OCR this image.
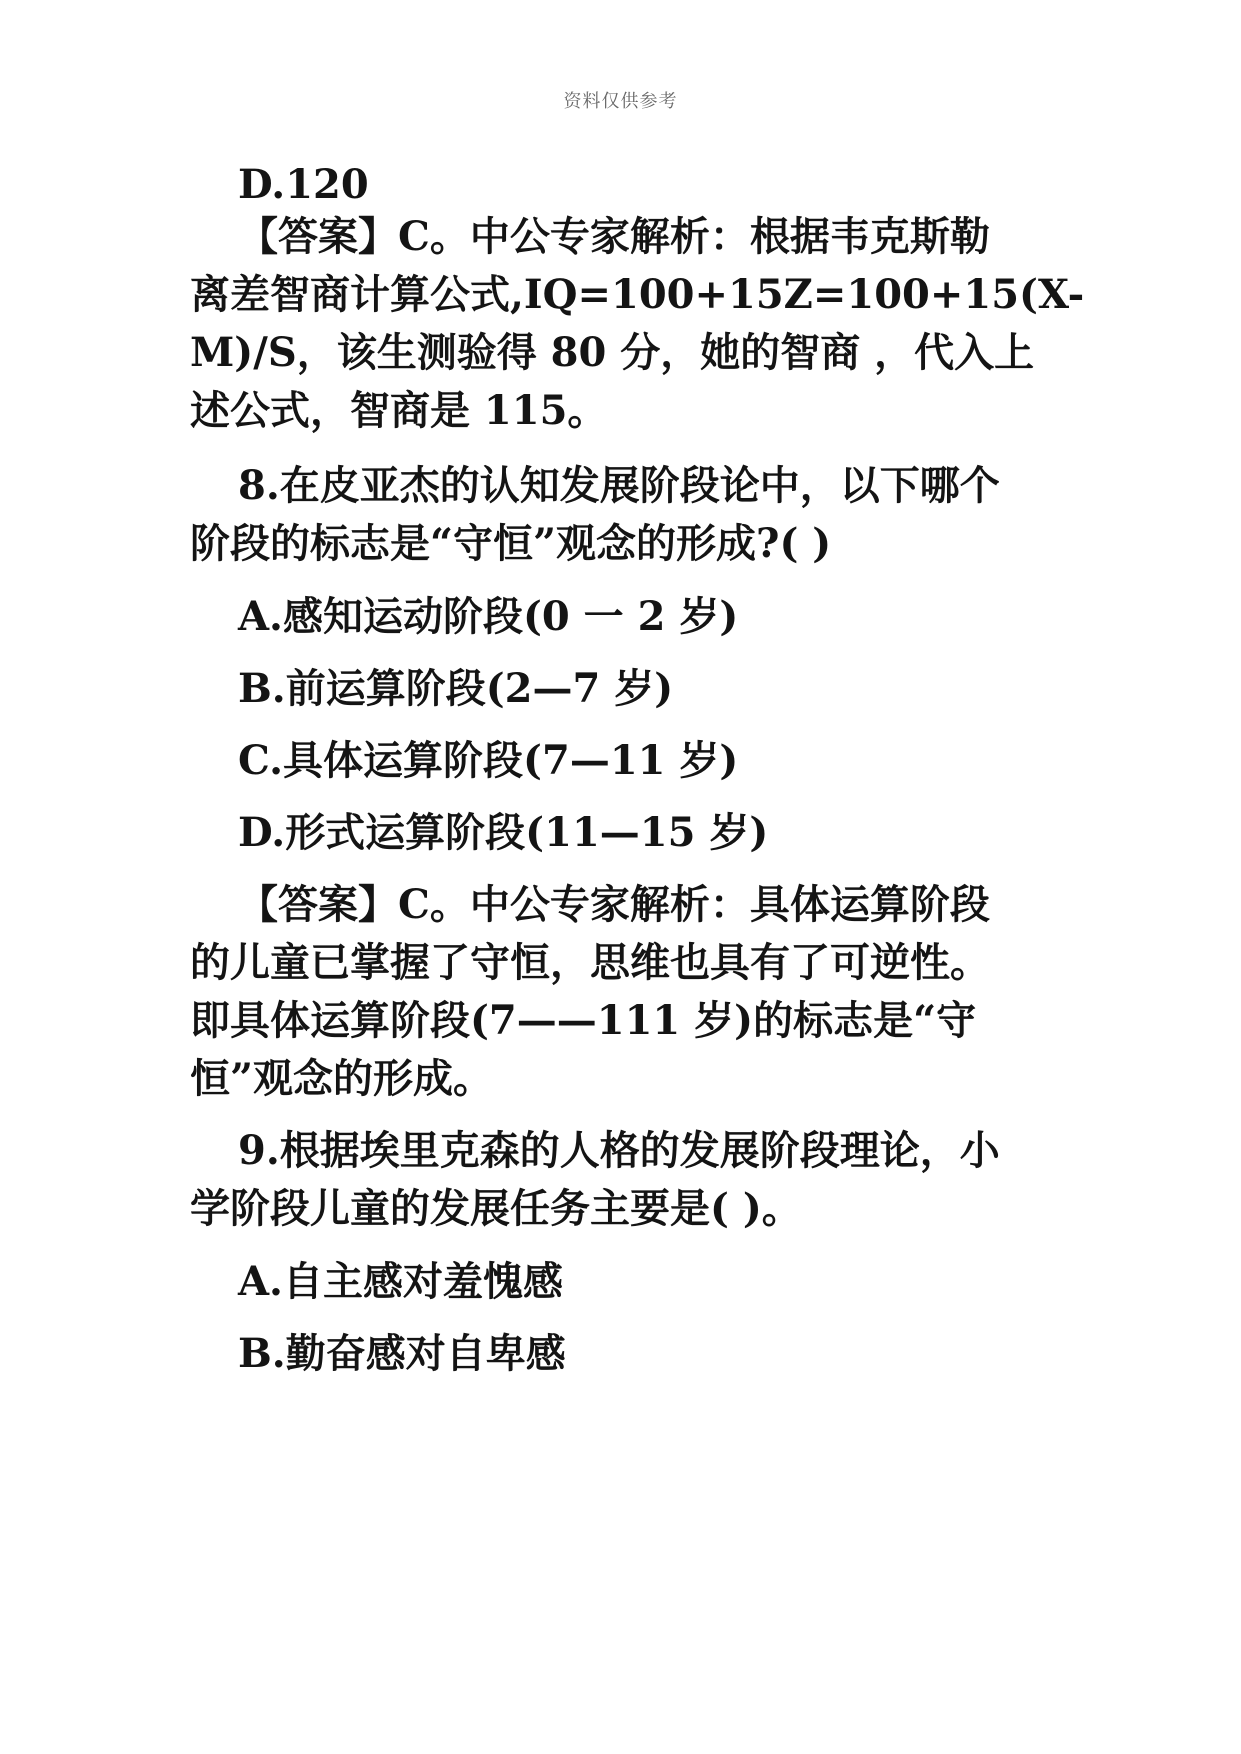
资料仅供参考
D.120
【答案】C。中公专家解析：根据韦克斯勒
离差智商计算公式,IQ=100+15Z=100+15(X-
M)/S，该生测验得 80 分，她的智商 ，代入上
述公式，智商是 115。
8.在皮亚杰的认知发展阶段论中，以下哪个
阶段的标志是“守恒”观念的形成?( )
A.感知运动阶段(0 一 2 岁)
B.前运算阶段(2—7 岁)
C.具体运算阶段(7—11 岁)
D.形式运算阶段(11—15 岁)
【答案】C。中公专家解析：具体运算阶段
的儿童已掌握了守恒，思维也具有了可逆性。
即具体运算阶段(7——111 岁)的标志是“守
恒”观念的形成。
9.根据埃里克森的人格的发展阶段理论，小
学阶段儿童的发展任务主要是( )。
A.自主感对羞愧感
B.勤奋感对自卑感
